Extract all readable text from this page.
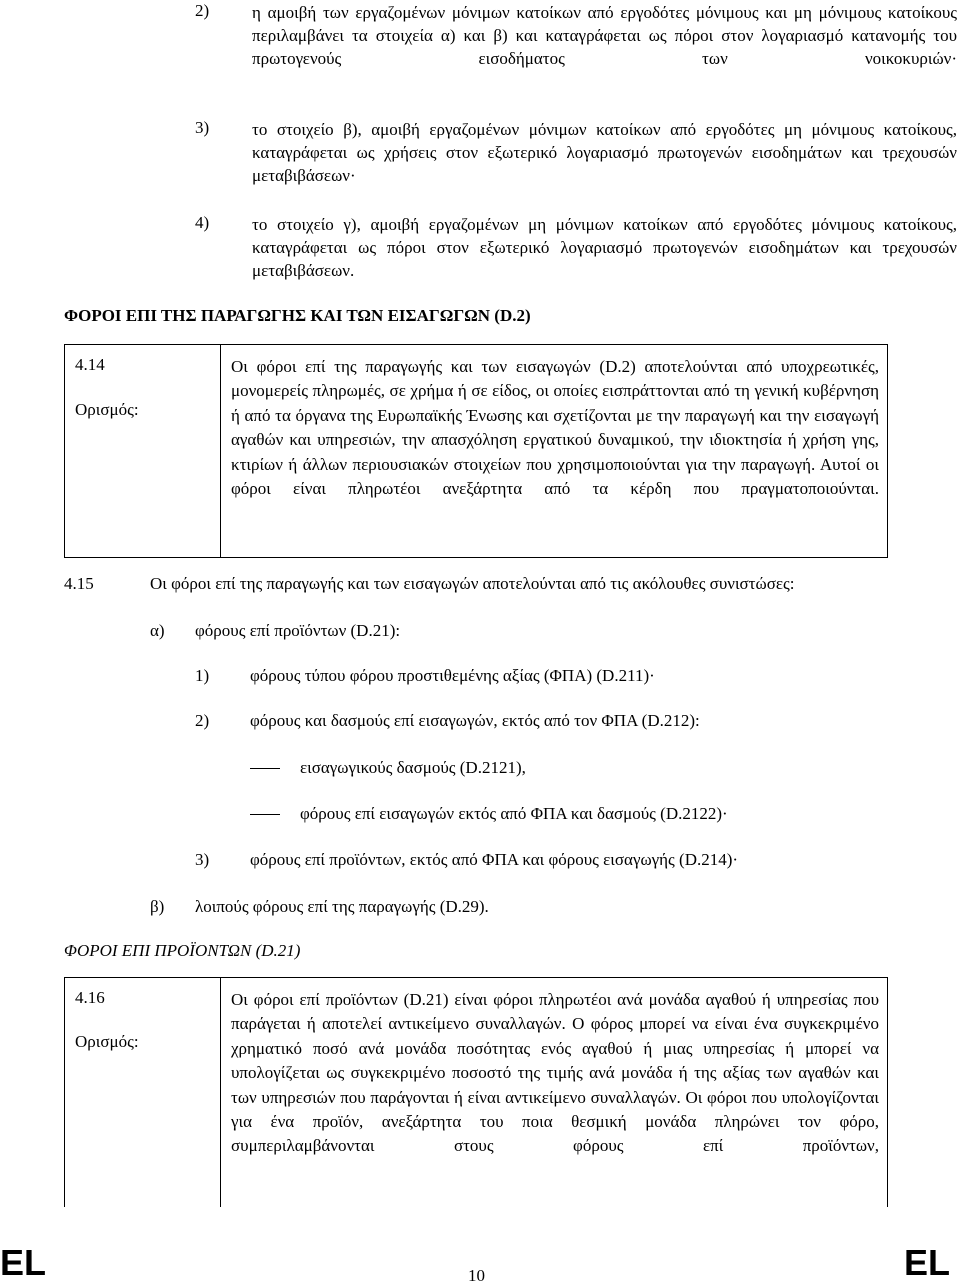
2)	η αμοιβή των εργαζομένων μόνιμων κατοίκων από εργοδότες μόνιμους και μη μόνιμους κατοίκους περιλαμβάνει τα στοιχεία α) και β) και καταγράφεται ως πόροι στον λογαριασμό κατανομής του πρωτογενούς εισοδήματος των νοικοκυριών·
3)	το στοιχείο β), αμοιβή εργαζομένων μόνιμων κατοίκων από εργοδότες μη μόνιμους κατοίκους, καταγράφεται ως χρήσεις στον εξωτερικό λογαριασμό πρωτογενών εισοδημάτων και τρεχουσών μεταβιβάσεων·
4)	το στοιχείο γ), αμοιβή εργαζομένων μη μόνιμων κατοίκων από εργοδότες μόνιμους κατοίκους, καταγράφεται ως πόροι στον εξωτερικό λογαριασμό πρωτογενών εισοδημάτων και τρεχουσών μεταβιβάσεων.
ΦΟΡΟΙ ΕΠΙ ΤΗΣ ΠΑΡΑΓΩΓΗΣ ΚΑΙ ΤΩΝ ΕΙΣΑΓΩΓΩΝ (D.2)
4.14
Ορισμός:
Οι φόροι επί της παραγωγής και των εισαγωγών (D.2) αποτελούνται από υποχρεωτικές, μονομερείς πληρωμές, σε χρήμα ή σε είδος, οι οποίες εισπράττονται από τη γενική κυβέρνηση ή από τα όργανα της Ευρωπαϊκής Ένωσης και σχετίζονται με την παραγωγή και την εισαγωγή αγαθών και υπηρεσιών, την απασχόληση εργατικού δυναμικού, την ιδιοκτησία ή χρήση γης, κτιρίων ή άλλων περιουσιακών στοιχείων που χρησιμοποιούνται για την παραγωγή. Αυτοί οι φόροι είναι πληρωτέοι ανεξάρτητα από τα κέρδη που πραγματοποιούνται.
4.15	Οι φόροι επί της παραγωγής και των εισαγωγών αποτελούνται από τις ακόλουθες συνιστώσες:
α) φόρους επί προϊόντων (D.21):
1) φόρους τύπου φόρου προστιθεμένης αξίας (ΦΠΑ) (D.211)·
2) φόρους και δασμούς επί εισαγωγών, εκτός από τον ΦΠΑ (D.212):
εισαγωγικούς δασμούς (D.2121),
φόρους επί εισαγωγών εκτός από ΦΠΑ και δασμούς (D.2122)·
3) φόρους επί προϊόντων, εκτός από ΦΠΑ και φόρους εισαγωγής (D.214)·
β) λοιπούς φόρους επί της παραγωγής (D.29).
ΦΟΡΟΙ ΕΠΙ ΠΡΟΪΟΝΤΩΝ (D.21)
4.16
Ορισμός:
Οι φόροι επί προϊόντων (D.21) είναι φόροι πληρωτέοι ανά μονάδα αγαθού ή υπηρεσίας που παράγεται ή αποτελεί αντικείμενο συναλλαγών. Ο φόρος μπορεί να είναι ένα συγκεκριμένο χρηματικό ποσό ανά μονάδα ποσότητας ενός αγαθού ή μιας υπηρεσίας ή μπορεί να υπολογίζεται ως συγκεκριμένο ποσοστό της τιμής ανά μονάδα ή της αξίας των αγαθών και των υπηρεσιών που παράγονται ή είναι αντικείμενο συναλλαγών. Οι φόροι που υπολογίζονται για ένα προϊόν, ανεξάρτητα του ποια θεσμική μονάδα πληρώνει τον φόρο, συμπεριλαμβάνονται στους φόρους επί προϊόντων,
EL	10	EL
